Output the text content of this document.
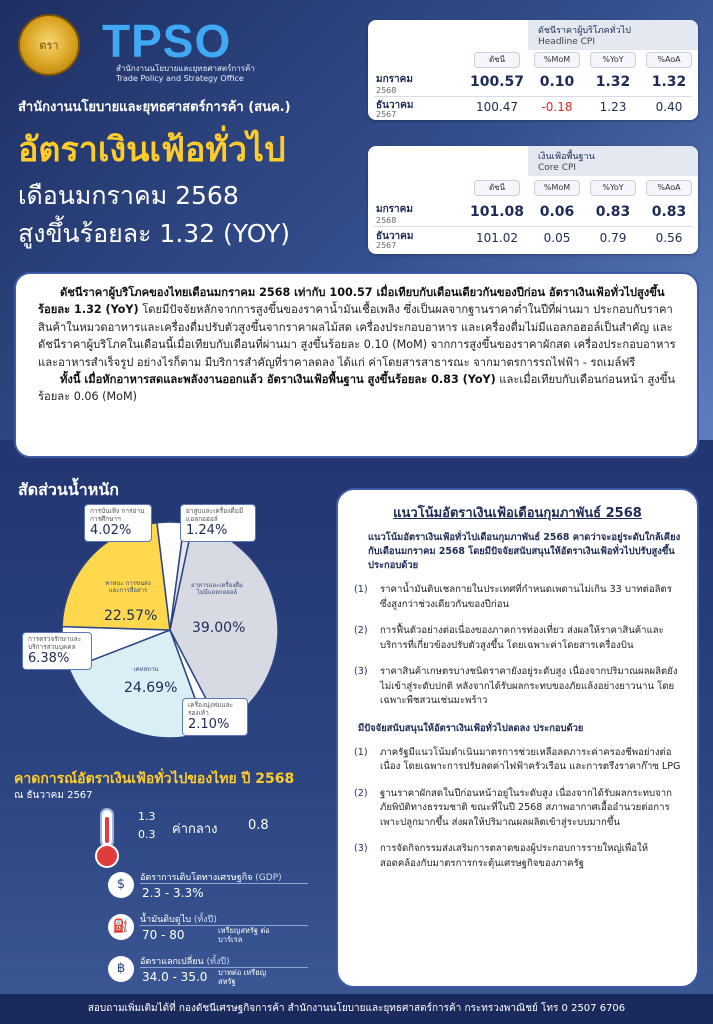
ตรา TPSO
สำนักงานนโยบายและยุทธศาสตร์การค้า
Trade Policy and Strategy Office
สำนักงานนโยบายและยุทธศาสตร์การค้า (สนค.)
อัตราเงินเฟ้อทั่วไป
เดือนมกราคม 2568
สูงขึ้นร้อยละ 1.32 (YOY)
ดัชนีราคาผู้บริโภคทั่วไป
Headline CPI
ดัชนี	%MoM	%YoY	%AoA
มกราคม
2568
100.57	0.10	1.32	1.32
ธันวาคม
2567
100.47	-0.18	1.23	0.40
เงินเฟ้อพื้นฐาน
Core CPI
ดัชนี	%MoM	%YoY	%AoA
มกราคม
2568
101.08	0.06	0.83	0.83
ธันวาคม
2567
101.02	0.05	0.79	0.56

ดัชนีราคาผู้บริโภคของไทยเดือนมกราคม 2568 เท่ากับ 100.57 เมื่อเทียบกับเดือนเดียวกันของปีก่อน อัตราเงินเฟ้อทั่วไปสูงขึ้นร้อยละ 1.32 (YoY) โดยมีปัจจัยหลักจากการสูงขึ้นของราคาน้ำมันเชื้อเพลิง ซึ่งเป็นผลจากฐานราคาต่ำในปีที่ผ่านมา ประกอบกับราคาสินค้าในหมวดอาหารและเครื่องดื่มปรับตัวสูงขึ้นจากราคาผลไม้สด เครื่องประกอบอาหาร และเครื่องดื่มไม่มีแอลกอฮอล์เป็นสำคัญ และดัชนีราคาผู้บริโภคในเดือนนี้เมื่อเทียบกับเดือนที่ผ่านมา สูงขึ้นร้อยละ 0.10 (MoM) จากการสูงขึ้นของราคาผักสด เครื่องประกอบอาหาร และอาหารสำเร็จรูป อย่างไรก็ตาม มีบริการสำคัญที่ราคาลดลง ได้แก่ ค่าโดยสารสาธารณะ จากมาตรการรถไฟฟ้า - รถเมล์ฟรี

ทั้งนี้ เมื่อหักอาหารสดและพลังงานออกแล้ว อัตราเงินเฟ้อพื้นฐาน สูงขึ้นร้อยละ 0.83 (YoY) และเมื่อเทียบกับเดือนก่อนหน้า สูงขึ้นร้อยละ 0.06 (MoM)

สัดส่วนน้ำหนัก
การบันเทิง การอ่าน การศึกษาฯ
4.02%
ยาสูบและเครื่องดื่มมีแอลกอฮอล์
1.24%
การตรวจรักษาและบริการส่วนบุคคล
6.38%
เครื่องนุ่งห่มและรองเท้า
2.10%
อาหารและเครื่องดื่มไม่มีแอลกอฮอล์
39.00%
พาหนะ การขนส่ง และการสื่อสาร
22.57%
เคหสถาน
24.69%
คาดการณ์อัตราเงินเฟ้อทั่วไปของไทย ปี 2568
ณ ธันวาคม 2567
1.3
0.3 ค่ากลาง 0.8
$	อัตราการเติบโตทางเศรษฐกิจ (GDP)
2.3 - 3.3%
⛽	น้ำมันดิบดูไบ (ทั้งปี)
70 - 80	เหรียญสหรัฐ ต่อบาร์เรล
฿	อัตราแลกเปลี่ยน (ทั้งปี)
34.0 - 35.0 บาทต่อ เหรียญสหรัฐ
แนวโน้มอัตราเงินเฟ้อเดือนกุมภาพันธ์ 2568
แนวโน้มอัตราเงินเฟ้อทั่วไปเดือนกุมภาพันธ์ 2568 คาดว่าจะอยู่ระดับใกล้เคียงกับเดือนมกราคม 2568 โดยมีปัจจัยสนับสนุนให้อัตราเงินเฟ้อทั่วไปปรับสูงขึ้น ประกอบด้วย
(1) ราคาน้ำมันดิบเชลกายในประเทศที่กำหนดเพดานไม่เกิน 33 บาทต่อลิตร ซึ่งสูงกว่าช่วงเดียวกันของปีก่อน
(2) การฟื้นตัวอย่างต่อเนื่องของภาคการท่องเที่ยว ส่งผลให้ราคาสินค้าและบริการที่เกี่ยวข้องปรับตัวสูงขึ้น โดยเฉพาะค่าโดยสารเครื่องบิน
(3) ราคาสินค้าเกษตรบางชนิดราคายังอยู่ระดับสูง เนื่องจากปริมาณผลผลิตยังไม่เข้าสู่ระดับปกติ หลังจากได้รับผลกระทบของภัยแล้งอย่างยาวนาน โดยเฉพาะพืชสวนเช่นมะพร้าว
มีปัจจัยสนับสนุนให้อัตราเงินเฟ้อทั่วไปลดลง ประกอบด้วย
(1) ภาครัฐมีแนวโน้มดำเนินมาตรการช่วยเหลือลดภาระค่าครองชีพอย่างต่อเนื่อง โดยเฉพาะการปรับลดค่าไฟฟ้าครัวเรือน และการตรึงราคาก๊าซ LPG
(2) ฐานราคาผักสดในปีก่อนหน้าอยู่ในระดับสูง เนื่องจากได้รับผลกระทบจากภัยพิบัติทางธรรมชาติ ขณะที่ในปี 2568 สภาพอากาศเอื้ออำนวยต่อการเพาะปลูกมากขึ้น ส่งผลให้ปริมาณผลผลิตเข้าสู่ระบบมากขึ้น
(3) การจัดกิจกรรมส่งเสริมการตลาดของผู้ประกอบการรายใหญ่เพื่อให้สอดคล้องกับมาตรการกระตุ้นเศรษฐกิจของภาครัฐ
สอบถามเพิ่มเติมได้ที่ กองดัชนีเศรษฐกิจการค้า สำนักงานนโยบายและยุทธศาสตร์การค้า กระทรวงพาณิชย์ โทร 0 2507 6706
